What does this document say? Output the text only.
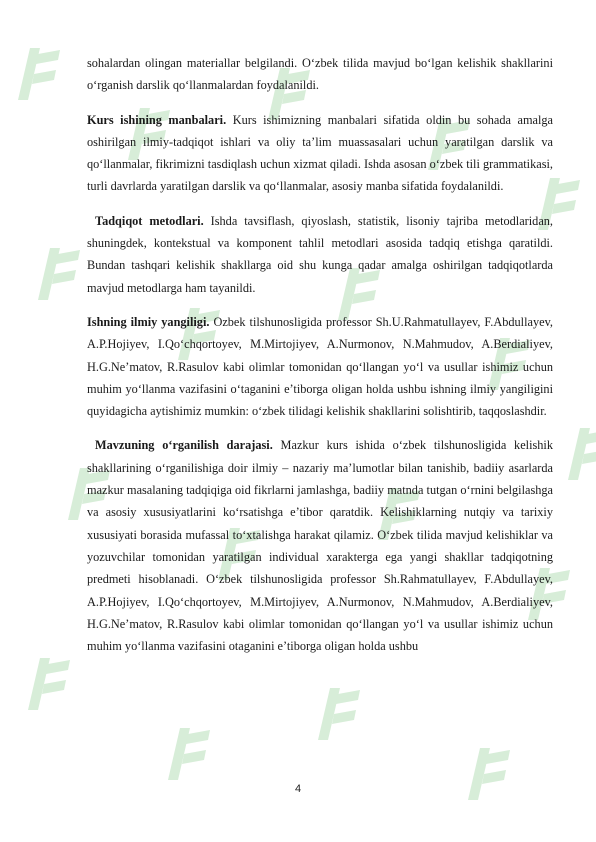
sohalardan olingan materiallar belgilandi. O‘zbek tilida mavjud bo‘lgan kelishik shakllarini o‘rganish darslik qo‘llanmalardan foydalanildi.

Kurs ishining manbalari. Kurs ishimizning manbalari sifatida oldin bu sohada amalga oshirilgan ilmiy-tadqiqot ishlari va oliy ta’lim muassasalari uchun yaratilgan darslik va qo‘llanmalar, fikrimizni tasdiqlash uchun xizmat qiladi. Ishda asosan o‘zbek tili grammatikasi, turli davrlarda yaratilgan darslik va qo‘llanmalar, asosiy manba sifatida foydalanildi.

Tadqiqot metodlari. Ishda tavsiflash, qiyoslash, statistik, lisoniy tajriba metodlaridan, shuningdek, kontekstual va komponent tahlil metodlari asosida tadqiq etishga qaratildi. Bundan tashqari kelishik shakllarga oid shu kunga qadar amalga oshirilgan tadqiqotlarda mavjud metodlarga ham tayanildi.

Ishning ilmiy yangiligi. Ozbek tilshunosligida professor Sh.U.Rahmatullayev, F.Abdullayev, A.P.Hojiyev, I.Qo‘chqortoyev, M.Mirtojiyev, A.Nurmonov, N.Mahmudov, A.Berdialiyev, H.G.Ne’matov, R.Rasulov kabi olimlar tomonidan qo‘llangan yo‘l va usullar ishimiz uchun muhim yo‘llanma vazifasini o‘taganini e’tiborga oligan holda ushbu ishning ilmiy yangiligini quyidagicha aytishimiz mumkin: o‘zbek tilidagi kelishik shakllarini solishtirib, taqqoslashdir.

Mavzuning o‘rganilish darajasi. Mazkur kurs ishida o‘zbek tilshunosligida kelishik shakllarining o‘rganilishiga doir ilmiy – nazariy ma’lumotlar bilan tanishib, badiiy asarlarda mazkur masalaning tadqiqiga oid fikrlarni jamlashga, badiiy matnda tutgan o‘rnini belgilashga va asosiy xususiyatlarini ko‘rsatishga e’tibor qaratdik. Kelishiklarning nutqiy va tarixiy xususiyati borasida mufassal to‘xtalishga harakat qilamiz. O‘zbek tilida mavjud kelishiklar va yozuvchilar tomonidan yaratilgan individual xarakterga ega yangi shakllar tadqiqotning predmeti hisoblanadi. O‘zbek tilshunosligida professor Sh.Rahmatullayev, F.Abdullayev, A.P.Hojiyev, I.Qo‘chqortoyev, M.Mirtojiyev, A.Nurmonov, N.Mahmudov, A.Berdialiyev, H.G.Ne’matov, R.Rasulov kabi olimlar tomonidan qo‘llangan yo‘l va usullar ishimiz uchun muhim yo‘llanma vazifasini otaganini e’tiborga oligan holda ushbu

4
